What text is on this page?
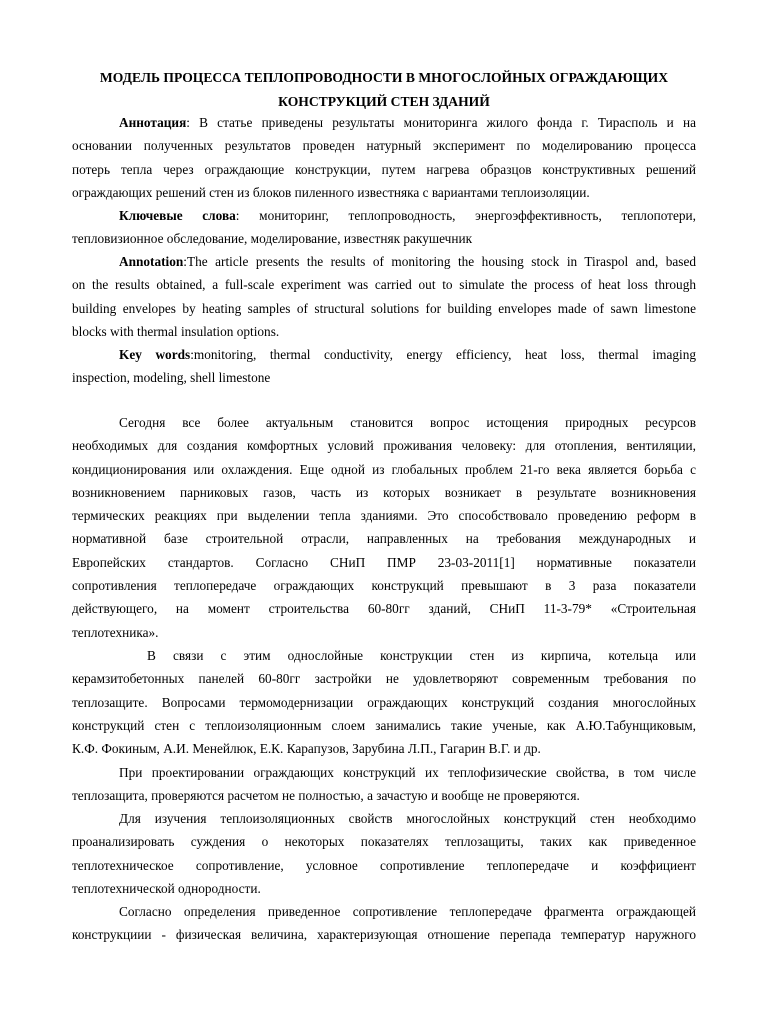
МОДЕЛЬ ПРОЦЕССА ТЕПЛОПРОВОДНОСТИ В МНОГОСЛОЙНЫХ ОГРАЖДАЮЩИХ
КОНСТРУКЦИЙ СТЕН ЗДАНИЙ
Аннотация: В статье приведены результаты мониторинга жилого фонда г. Тирасполь и на
основании полученных результатов проведен натурный эксперимент по моделированию процесса
потерь тепла через ограждающие конструкции, путем нагрева образцов конструктивных решений
ограждающих решений стен из блоков пиленного известняка с вариантами теплоизоляции.
Ключевые слова: мониторинг, теплопроводность, энергоэффективность, теплопотери,
тепловизионное обследование, моделирование, известняк ракушечник
Annotation:The article presents the results of monitoring the housing stock in Tiraspol and, based
on the results obtained, a full-scale experiment was carried out to simulate the process of heat loss through
building envelopes by heating samples of structural solutions for building envelopes made of sawn limestone
blocks with thermal insulation options.
Key words:monitoring, thermal conductivity, energy efficiency, heat loss, thermal imaging
inspection, modeling, shell limestone
Сегодня все более актуальным становится вопрос истощения природных ресурсов
необходимых для создания комфортных условий проживания человеку: для отопления, вентиляции,
кондиционирования или охлаждения. Еще одной из глобальных проблем 21-го века является борьба с
возникновением парниковых газов, часть из которых возникает в результате возникновения
термических реакциях при выделении тепла зданиями. Это способствовало проведению реформ в
нормативной базе строительной отрасли, направленных на требования международных и
Европейских стандартов. Согласно СНиП ПМР 23-03-2011[1] нормативные показатели
сопротивления теплопередаче ограждающих конструкций превышают в 3 раза показатели
действующего, на момент строительства 60-80гг зданий, СНиП 11-3-79* «Строительная
теплотехника».
В связи с этим однослойные конструкции стен из кирпича, котельца или
керамзитобетонных панелей 60-80гг застройки не удовлетворяют современным требования по
теплозащите. Вопросами термомодернизации ограждающих конструкций создания многослойных
конструкций стен с теплоизоляционным слоем занимались такие ученые, как А.Ю.Табунщиковым,
К.Ф. Фокиным, А.И. Менейлюк, Е.К. Карапузов, Зарубина Л.П., Гагарин В.Г. и др.
При проектировании ограждающих конструкций их теплофизические свойства, в том числе
теплозащита, проверяются расчетом не полностью, а зачастую и вообще не проверяются.
Для изучения теплоизоляционных свойств многослойных конструкций стен необходимо
проанализировать суждения о некоторых показателях теплозащиты, таких как приведенное
теплотехническое сопротивление, условное сопротивление теплопередаче и коэффициент
теплотехнической однородности.
Согласно определения приведенное сопротивление теплопередаче фрагмента ограждающей
конструкциии - физическая величина, характеризующая отношение перепада температур наружного
